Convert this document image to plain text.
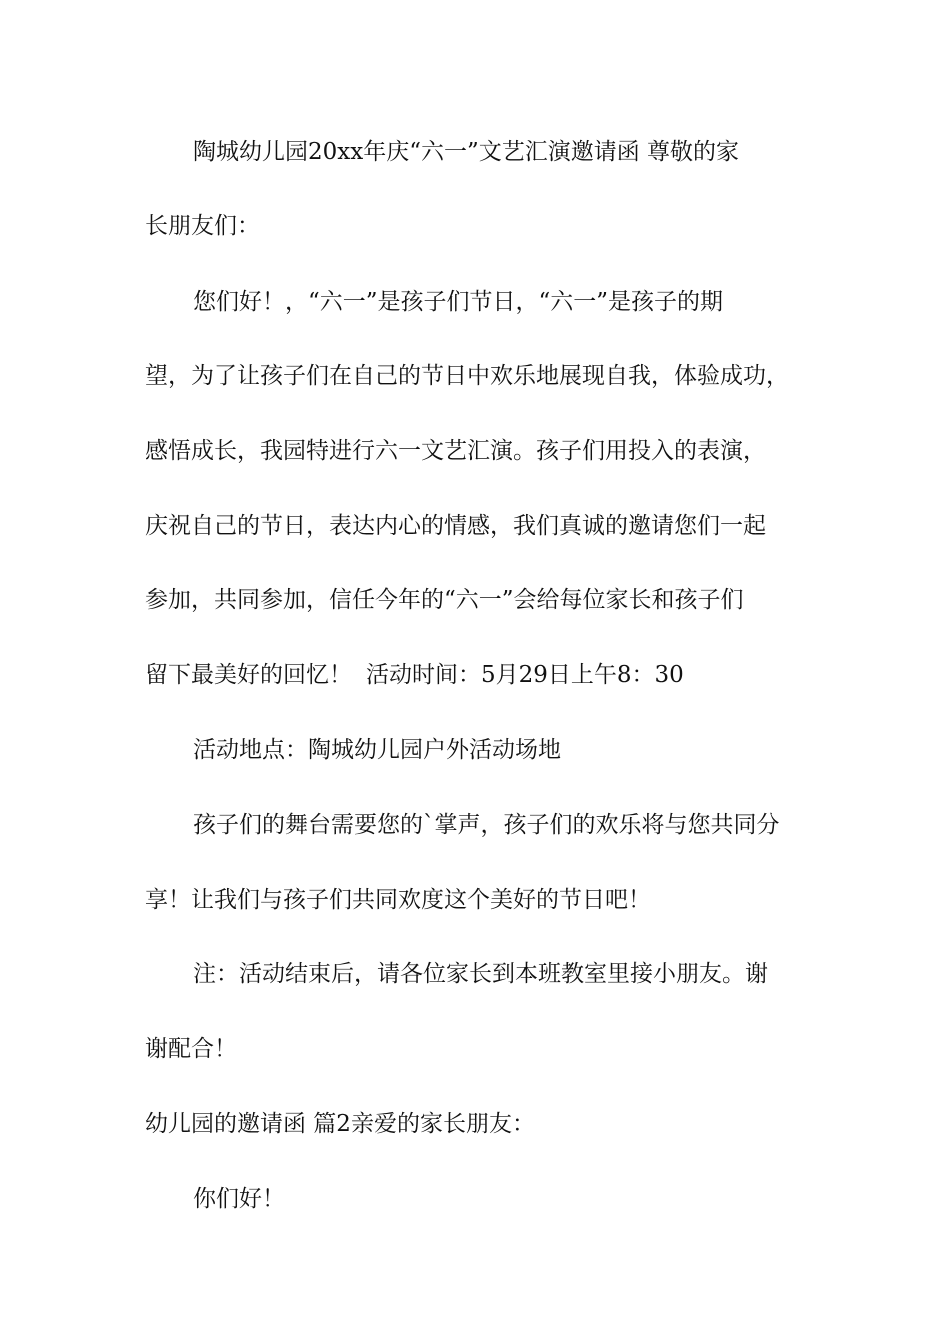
陶城幼儿园20xx年庆“六一”文艺汇演邀请函 尊敬的家
长朋友们：
您们好！，“六一”是孩子们节日，“六一”是孩子的期
望，为了让孩子们在自己的节日中欢乐地展现自我，体验成功，
感悟成长，我园特进行六一文艺汇演。孩子们用投入的表演，
庆祝自己的节日，表达内心的情感，我们真诚的邀请您们一起
参加，共同参加，信任今年的“六一”会给每位家长和孩子们
留下最美好的回忆！ 活动时间：5月29日上午8：30
活动地点：陶城幼儿园户外活动场地
孩子们的舞台需要您的`掌声，孩子们的欢乐将与您共同分
享！让我们与孩子们共同欢度这个美好的节日吧！
注：活动结束后，请各位家长到本班教室里接小朋友。谢
谢配合！
幼儿园的邀请函 篇2亲爱的家长朋友：
你们好！
